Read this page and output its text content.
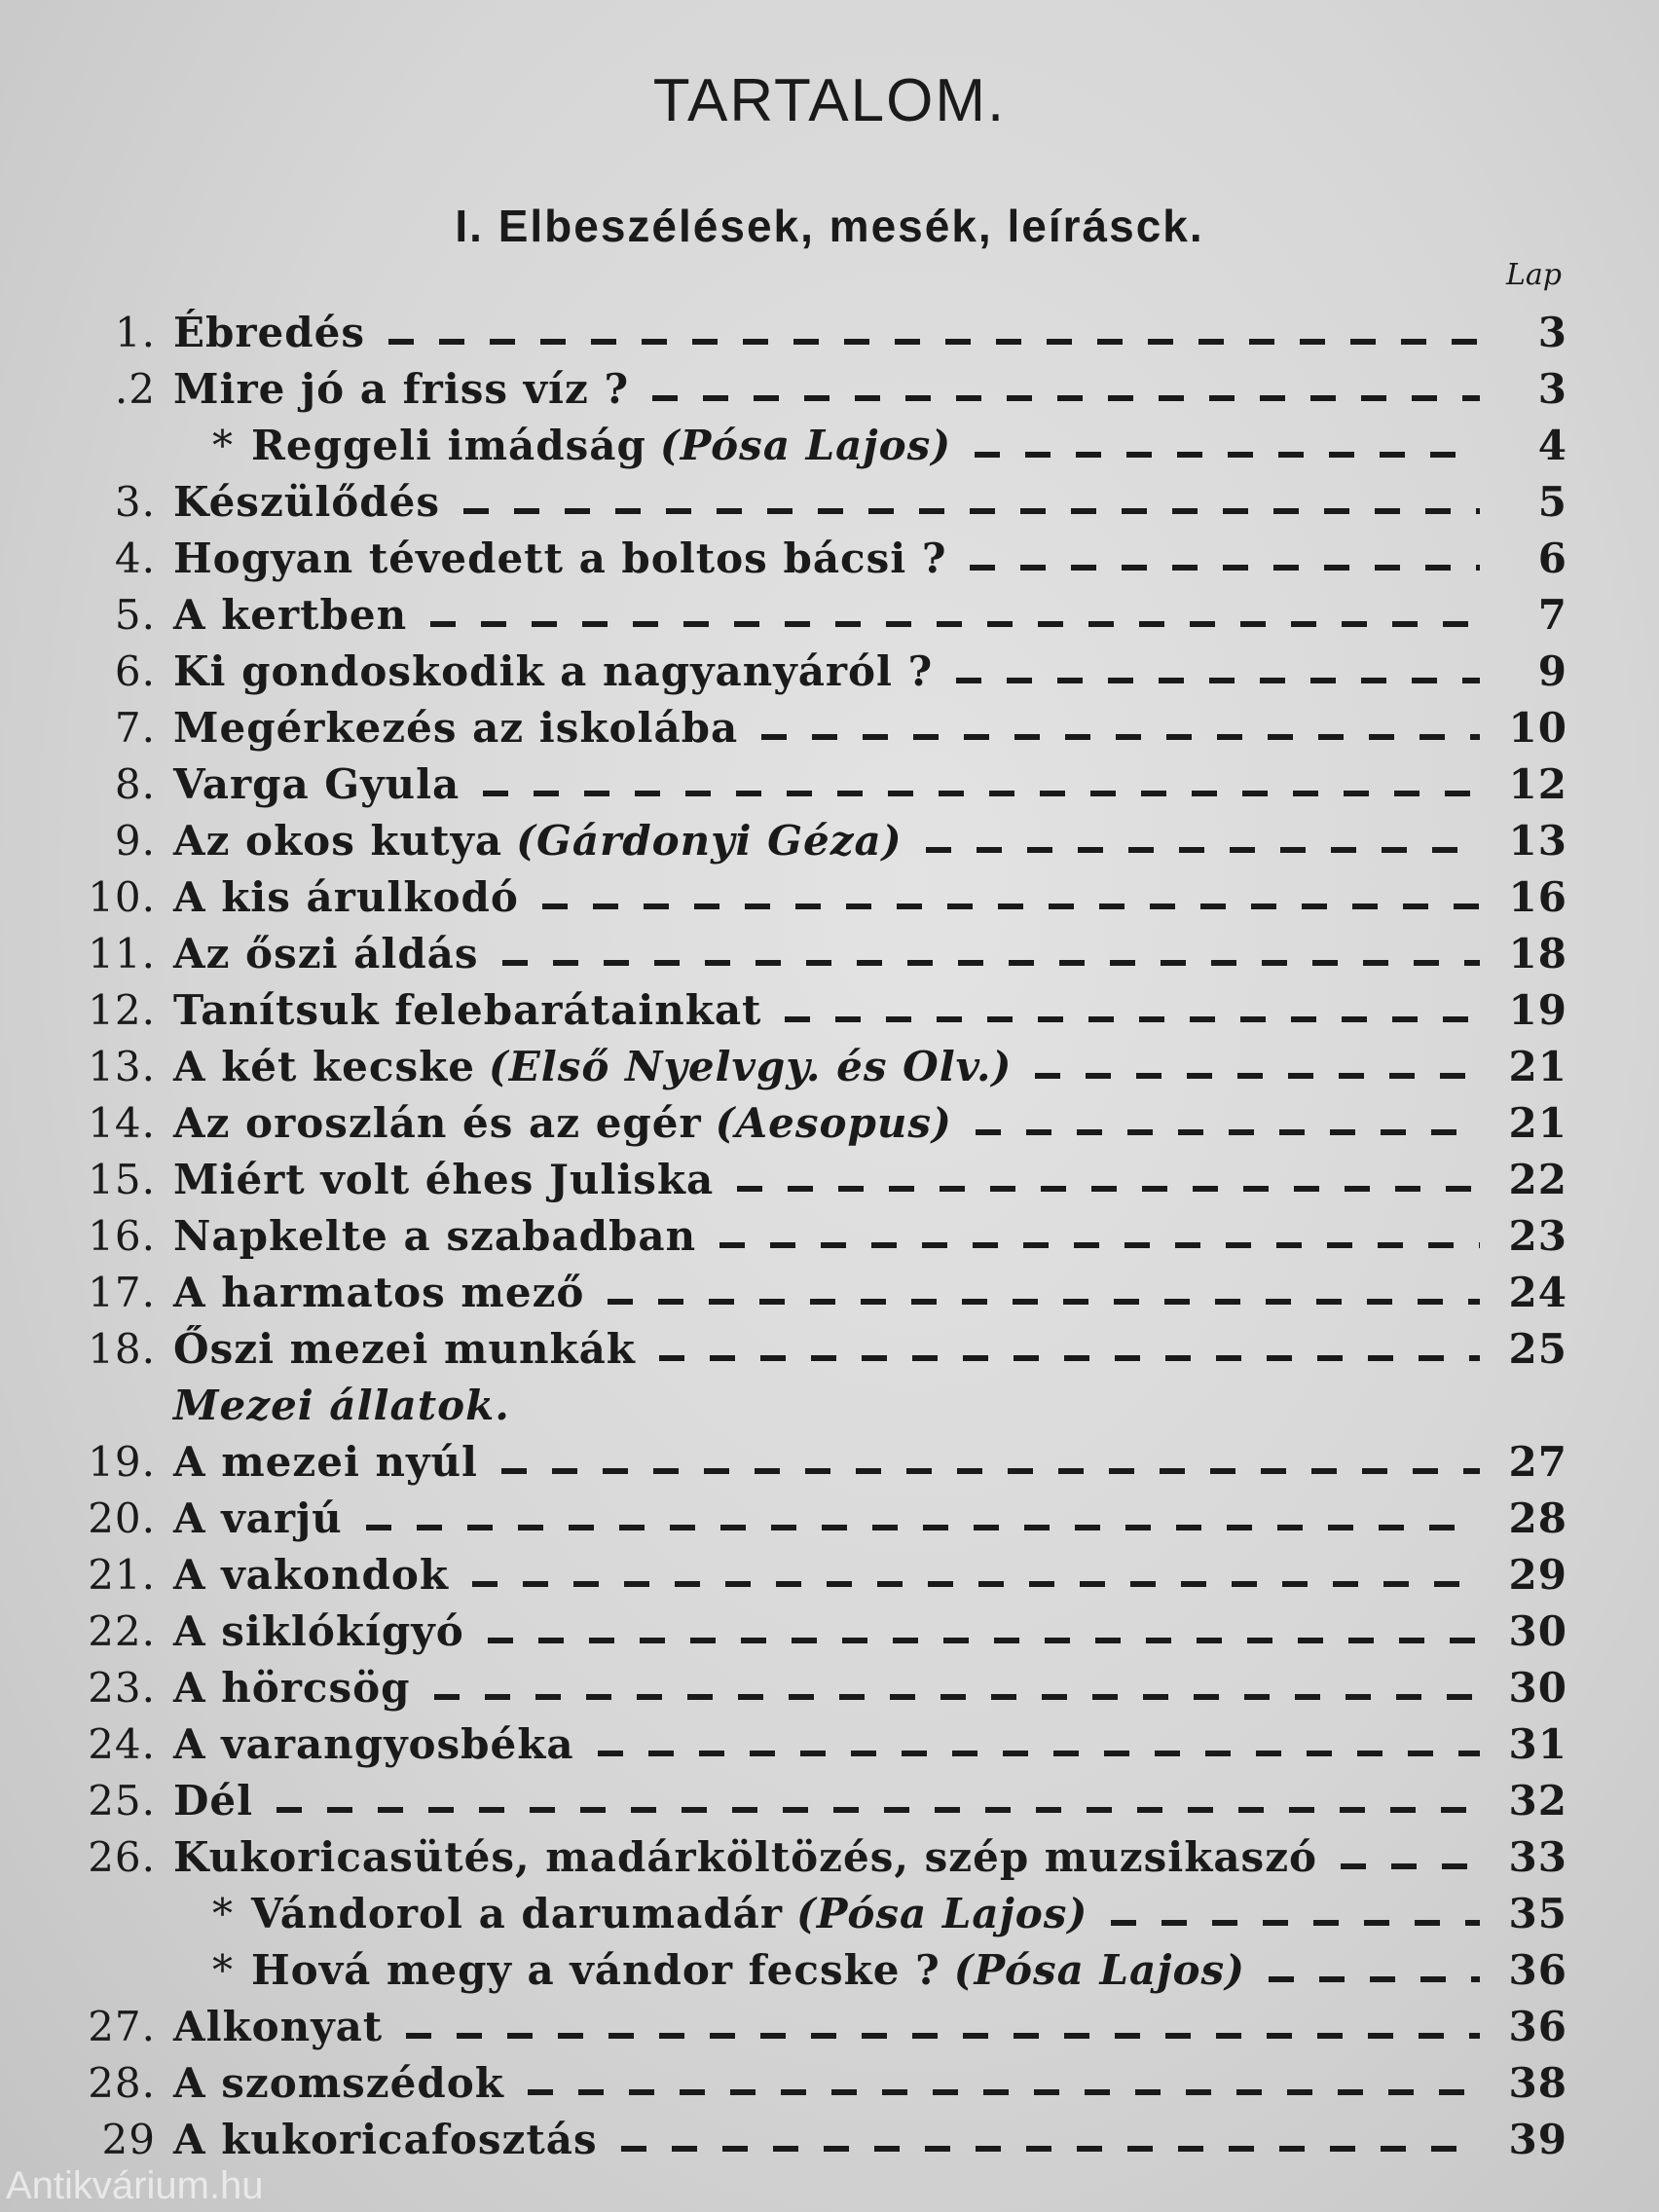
TARTALOM.
I. Elbeszélések, mesék, leírásck.
Lap
1. Ébredés	3
.2 Mire jó a friss víz ?	3
* Reggeli imádság (Pósa Lajos)	4
3. Készülődés	5
4. Hogyan tévedett a boltos bácsi ?	6
5. A kertben	7
6. Ki gondoskodik a nagyanyáról ?	9
7. Megérkezés az iskolába	10
8. Varga Gyula	12
9. Az okos kutya (Gárdonyi Géza)	13
10. A kis árulkodó	16
11. Az őszi áldás	18
12. Tanítsuk felebarátainkat	19
13. A két kecske (Első Nyelvgy. és Olv.)	21
14. Az oroszlán és az egér (Aesopus)	21
15. Miért volt éhes Juliska	22
16. Napkelte a szabadban	23
17. A harmatos mező	24
18. Őszi mezei munkák	25
Mezei állatok.
19. A mezei nyúl	27
20. A varjú	28
21. A vakondok	29
22. A siklókígyó	30
23. A hörcsög	30
24. A varangyosbéka	31
25. Dél	32
26. Kukoricasütés, madárköltözés, szép muzsikaszó	33
* Vándorol a darumadár (Pósa Lajos)	35
* Hová megy a vándor fecske ? (Pósa Lajos)	36
27. Alkonyat	36
28. A szomszédok	38
29 A kukoricafosztás	39
Antikvárium.hu
